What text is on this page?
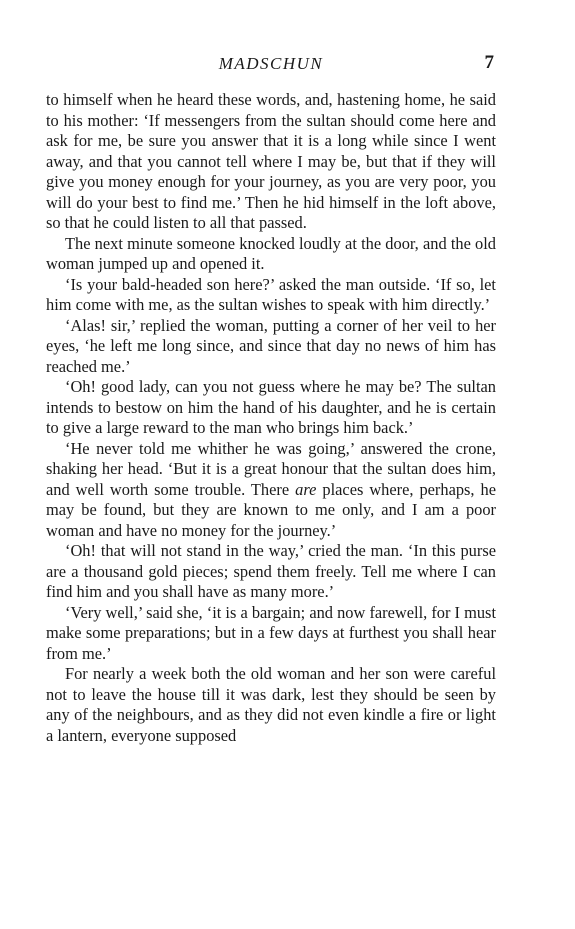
MADSCHUN	7

to himself when he heard these words, and, hastening home, he said to his mother: ‘If messengers from the sultan should come here and ask for me, be sure you answer that it is a long while since I went away, and that you cannot tell where I may be, but that if they will give you money enough for your journey, as you are very poor, you will do your best to find me.’ Then he hid himself in the loft above, so that he could listen to all that passed.

The next minute someone knocked loudly at the door, and the old woman jumped up and opened it.

‘Is your bald-headed son here?’ asked the man outside. ‘If so, let him come with me, as the sultan wishes to speak with him directly.’

‘Alas! sir,’ replied the woman, putting a corner of her veil to her eyes, ‘he left me long since, and since that day no news of him has reached me.’

‘Oh! good lady, can you not guess where he may be? The sultan intends to bestow on him the hand of his daughter, and he is certain to give a large reward to the man who brings him back.’

‘He never told me whither he was going,’ answered the crone, shaking her head. ‘But it is a great honour that the sultan does him, and well worth some trouble. There are places where, perhaps, he may be found, but they are known to me only, and I am a poor woman and have no money for the journey.’

‘Oh! that will not stand in the way,’ cried the man. ‘In this purse are a thousand gold pieces; spend them freely. Tell me where I can find him and you shall have as many more.’

‘Very well,’ said she, ‘it is a bargain; and now farewell, for I must make some preparations; but in a few days at furthest you shall hear from me.’

For nearly a week both the old woman and her son were careful not to leave the house till it was dark, lest they should be seen by any of the neighbours, and as they did not even kindle a fire or light a lantern, everyone supposed
